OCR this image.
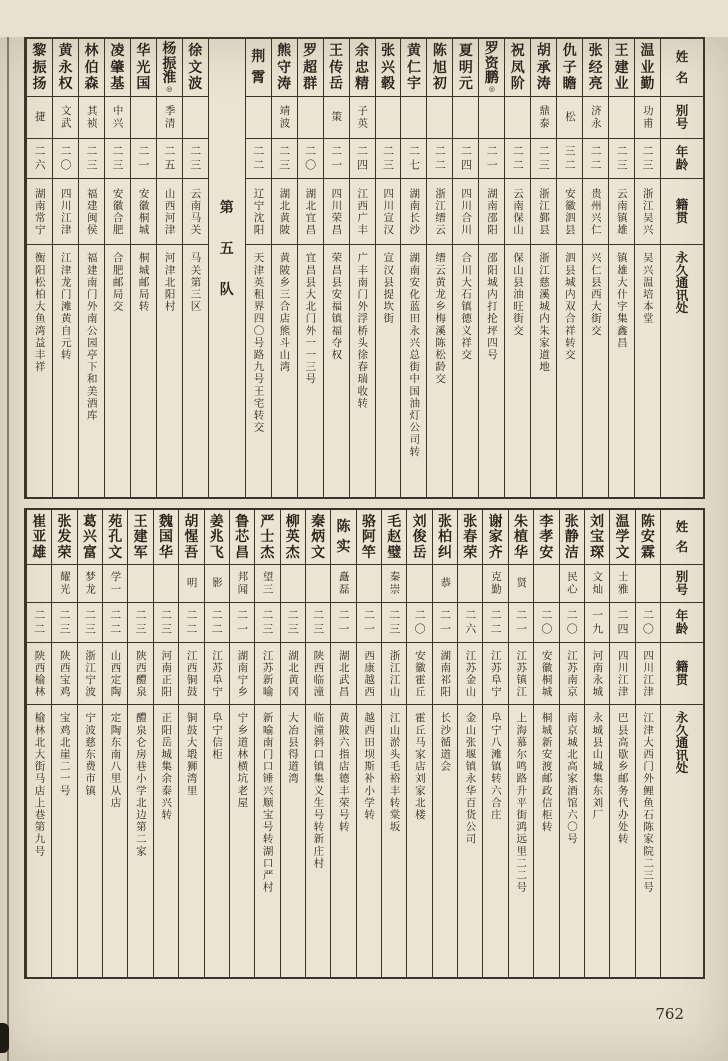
姓
名
别
号
年
龄
籍
贯
永
久
通
讯
处
温
业
勤
功甫
二三
浙江吴兴
吴兴温培本堂
王
建
业
二三
云南镇雄
镇雄大什字集鑫昌
张
经
亮
济永
二二
贵州兴仁
兴仁县西大街交
仇
子
瞻
松
三二
安徽泗县
泗县城内双合祥转交
胡
承
涛
鼎泰
二三
浙江鄞县
浙江慈溪城内朱家道地
祝
凤
阶
二二
云南保山
保山县油旺街交
罗
资
鹏
◎
二一
湖南邵阳
邵阳城内打抡坪四号
夏
明
元
二四
四川合川
合川大石镇德义祥交
陈
旭
初
二二
浙江缙云
缙云黄龙乡梅溪陈松龄交
黄
仁
宇
二七
湖南长沙
湖南安化蓝田永兴总街中国油灯公司转
张
兴
毂
二三
四川宣汉
宣汉县提坎街
余
忠
精
子英
二四
江西广丰
广丰南门外浮桥头徐春瑞收转
王
传
岳
策
二一
四川荣昌
荣昌县安福镇福夺权
罗
超
群
二〇
湖北宜昌
宜昌县大北门外一一三号
熊
守
涛
靖波
二三
湖北黄陂
黄陂乡三合店熊斗山湾
荆
霄
二二
辽宁沈阳
天津英租界四〇号路九号王宅转交
第
五
队
徐
文
波
二三
云南马关
马关第三区
杨
振
淮
◎
季清
二五
山西河津
河津北阳村
华
光
国
二一
安徽桐城
桐城邮局转
凌
肇
基
中兴
二三
安徽合肥
合肥邮局交
林
伯
森
其祯
二三
福建闽侯
福建南门外南公园亭下和美酒库
黄
永
权
文武
二〇
四川江津
江津龙门滩黄自元转
黎
振
扬
捷
二六
湖南常宁
衡阳松柏大鱼湾益丰祥
姓
名
别
号
年
龄
籍
贯
永
久
通
讯
处
陈
安
霖
二〇
四川江津
江津大西门外鲤鱼石陈家院二三号
温
学
文
士雅
二四
四川江津
巴县高歇乡邮务代办处转
刘
宝
琛
文灿
一九
河南永城
永城县山城集东刘厂
张
静
洁
民心
二〇
江苏南京
南京城北高家酒馆六〇号
李
孝
安
二〇
安徽桐城
桐城新安渡邮政信柜转
朱
植
华
贤
二一
江苏镇江
上海慕尔鸣路升平街鸿远里二二号
谢
家
齐
克勤
二二
江苏阜宁
阜宁八滩镇转六合庄
张
春
荣
二六
江苏金山
金山张堰镇永华百货公司
张
柏
纠
恭
二一
湖南祁阳
长沙循道会
刘
俊
岳
二〇
安徽霍丘
霍丘马家店刘家北楼
毛
赵
璧
秦崇
二三
浙江江山
江山淤头毛裕丰转棠坂
骆
阿
竿
二一
西康越西
越西田坝斯补小学转
陈
实
矗磊
二一
湖北武昌
黄陂六指店德丰荣号转
秦
炳
文
二三
陕西临潼
临潼斜口镇集义生号转新庄村
柳
英
杰
二三
湖北黄冈
大冶县得道湾
严
士
杰
望三
二三
江苏新喻
新喻南门口锤兴顺宝号转湖口严村
鲁
芯
昌
邦闻
二一
湖南宁乡
宁乡道林横坑老屋
姜
兆
飞
影
二二
江苏阜宁
阜宁信柜
胡
惺
吾
明
二二
江西铜鼓
铜鼓大塅狮湾里
魏
国
华
二三
河南正阳
正阳岳城集余泰兴转
王
建
军
二三
陕西醴泉
醴泉仑房巷小学北边第二家
苑
孔
文
学一
二二
山西定陶
定陶东南八里从店
葛
兴
富
梦龙
二三
浙江宁波
宁波慈东费市镇
张
发
荣
耀光
二三
陕西宝鸡
宝鸡北崖二一号
崔
亚
雄
二二
陕西榆林
榆林北大街马店上巷第九号
762
